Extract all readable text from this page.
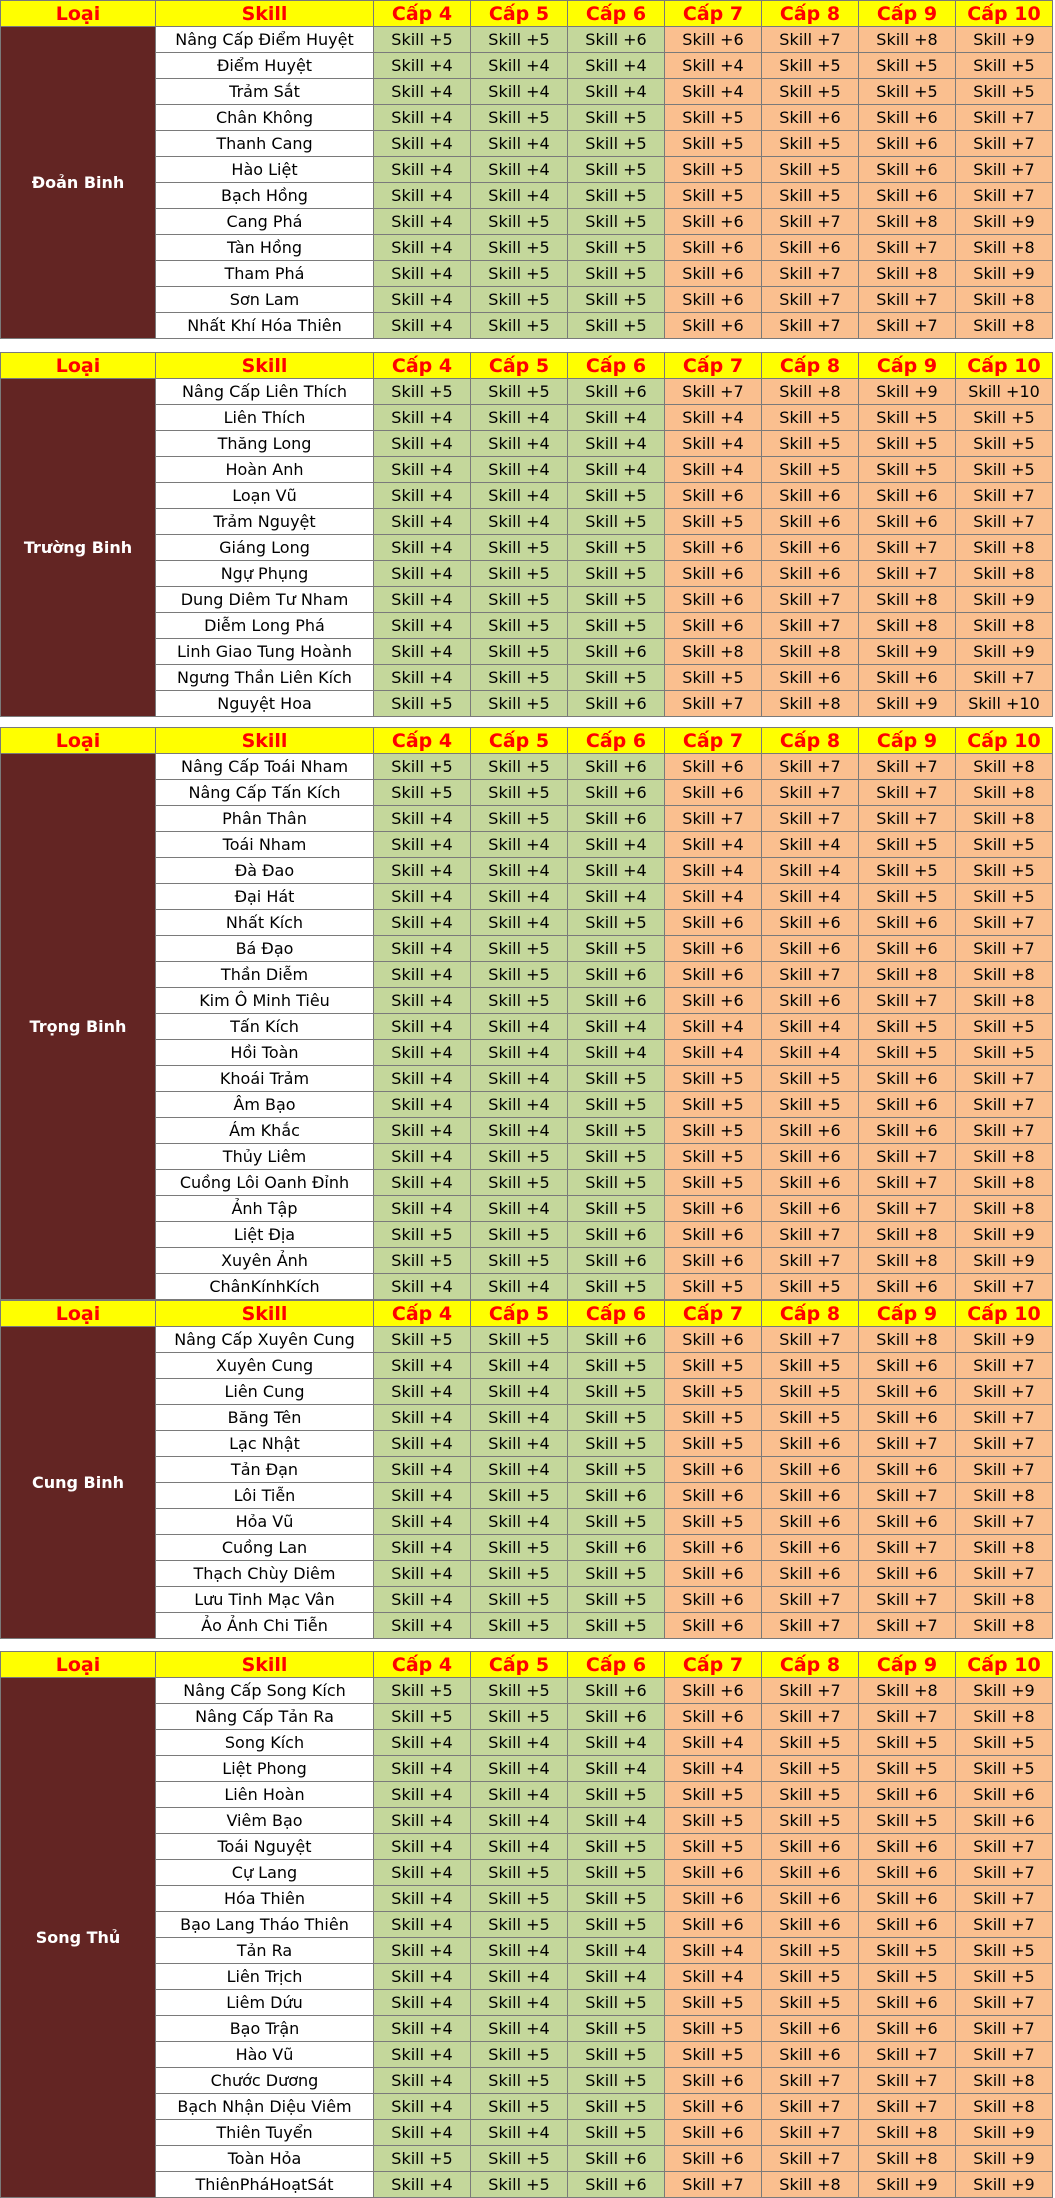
Loại	Skill	Cấp 4	Cấp 5	Cấp 6	Cấp 7	Cấp 8	Cấp 9	Cấp 10
Đoản Binh	Nâng Cấp Điểm Huyệt	Skill +5	Skill +5	Skill +6	Skill +6	Skill +7	Skill +8	Skill +9
	Điểm Huyệt	Skill +4	Skill +4	Skill +4	Skill +4	Skill +5	Skill +5	Skill +5
	Trảm Sắt	Skill +4	Skill +4	Skill +4	Skill +4	Skill +5	Skill +5	Skill +5
	Chân Không	Skill +4	Skill +5	Skill +5	Skill +5	Skill +6	Skill +6	Skill +7
	Thanh Cang	Skill +4	Skill +4	Skill +5	Skill +5	Skill +5	Skill +6	Skill +7
	Hào Liệt	Skill +4	Skill +4	Skill +5	Skill +5	Skill +5	Skill +6	Skill +7
	Bạch Hồng	Skill +4	Skill +4	Skill +5	Skill +5	Skill +5	Skill +6	Skill +7
	Cang Phá	Skill +4	Skill +5	Skill +5	Skill +6	Skill +7	Skill +8	Skill +9
	Tàn Hồng	Skill +4	Skill +5	Skill +5	Skill +6	Skill +6	Skill +7	Skill +8
	Tham Phá	Skill +4	Skill +5	Skill +5	Skill +6	Skill +7	Skill +8	Skill +9
	Sơn Lam	Skill +4	Skill +5	Skill +5	Skill +6	Skill +7	Skill +7	Skill +8
	Nhất Khí Hóa Thiên	Skill +4	Skill +5	Skill +5	Skill +6	Skill +7	Skill +7	Skill +8
Loại	Skill	Cấp 4	Cấp 5	Cấp 6	Cấp 7	Cấp 8	Cấp 9	Cấp 10
Trường Binh	Nâng Cấp Liên Thích	Skill +5	Skill +5	Skill +6	Skill +7	Skill +8	Skill +9	Skill +10
	Liên Thích	Skill +4	Skill +4	Skill +4	Skill +4	Skill +5	Skill +5	Skill +5
	Thăng Long	Skill +4	Skill +4	Skill +4	Skill +4	Skill +5	Skill +5	Skill +5
	Hoàn Anh	Skill +4	Skill +4	Skill +4	Skill +4	Skill +5	Skill +5	Skill +5
	Loạn Vũ	Skill +4	Skill +4	Skill +5	Skill +6	Skill +6	Skill +6	Skill +7
	Trảm Nguyệt	Skill +4	Skill +4	Skill +5	Skill +5	Skill +6	Skill +6	Skill +7
	Giáng Long	Skill +4	Skill +5	Skill +5	Skill +6	Skill +6	Skill +7	Skill +8
	Ngự Phụng	Skill +4	Skill +5	Skill +5	Skill +6	Skill +6	Skill +7	Skill +8
	Dung Diêm Tư Nham	Skill +4	Skill +5	Skill +5	Skill +6	Skill +7	Skill +8	Skill +9
	Diễm Long Phá	Skill +4	Skill +5	Skill +5	Skill +6	Skill +7	Skill +8	Skill +8
	Linh Giao Tung Hoành	Skill +4	Skill +5	Skill +6	Skill +8	Skill +8	Skill +9	Skill +9
	Ngưng Thần Liên Kích	Skill +4	Skill +5	Skill +5	Skill +5	Skill +6	Skill +6	Skill +7
	Nguyệt Hoa	Skill +5	Skill +5	Skill +6	Skill +7	Skill +8	Skill +9	Skill +10
Loại	Skill	Cấp 4	Cấp 5	Cấp 6	Cấp 7	Cấp 8	Cấp 9	Cấp 10
Trọng Binh	Nâng Cấp Toái Nham	Skill +5	Skill +5	Skill +6	Skill +6	Skill +7	Skill +7	Skill +8
	Nâng Cấp Tấn Kích	Skill +5	Skill +5	Skill +6	Skill +6	Skill +7	Skill +7	Skill +8
	Phân Thân	Skill +4	Skill +5	Skill +6	Skill +7	Skill +7	Skill +7	Skill +8
	Toái Nham	Skill +4	Skill +4	Skill +4	Skill +4	Skill +4	Skill +5	Skill +5
	Đà Đao	Skill +4	Skill +4	Skill +4	Skill +4	Skill +4	Skill +5	Skill +5
	Đại Hát	Skill +4	Skill +4	Skill +4	Skill +4	Skill +4	Skill +5	Skill +5
	Nhất Kích	Skill +4	Skill +4	Skill +5	Skill +6	Skill +6	Skill +6	Skill +7
	Bá Đạo	Skill +4	Skill +5	Skill +5	Skill +6	Skill +6	Skill +6	Skill +7
	Thần Diễm	Skill +4	Skill +5	Skill +6	Skill +6	Skill +7	Skill +8	Skill +8
	Kim Ô Minh Tiêu	Skill +4	Skill +5	Skill +6	Skill +6	Skill +6	Skill +7	Skill +8
	Tấn Kích	Skill +4	Skill +4	Skill +4	Skill +4	Skill +4	Skill +5	Skill +5
	Hồi Toàn	Skill +4	Skill +4	Skill +4	Skill +4	Skill +4	Skill +5	Skill +5
	Khoái Trảm	Skill +4	Skill +4	Skill +5	Skill +5	Skill +5	Skill +6	Skill +7
	Âm Bạo	Skill +4	Skill +4	Skill +5	Skill +5	Skill +5	Skill +6	Skill +7
	Ám Khắc	Skill +4	Skill +4	Skill +5	Skill +5	Skill +6	Skill +6	Skill +7
	Thủy Liêm	Skill +4	Skill +5	Skill +5	Skill +5	Skill +6	Skill +7	Skill +8
	Cuồng Lôi Oanh Đỉnh	Skill +4	Skill +5	Skill +5	Skill +5	Skill +6	Skill +7	Skill +8
	Ảnh Tập	Skill +4	Skill +4	Skill +5	Skill +6	Skill +6	Skill +7	Skill +8
	Liệt Địa	Skill +5	Skill +5	Skill +6	Skill +6	Skill +7	Skill +8	Skill +9
	Xuyên Ảnh	Skill +5	Skill +5	Skill +6	Skill +6	Skill +7	Skill +8	Skill +9
	ChânKínhKích	Skill +4	Skill +4	Skill +5	Skill +5	Skill +5	Skill +6	Skill +7
Loại	Skill	Cấp 4	Cấp 5	Cấp 6	Cấp 7	Cấp 8	Cấp 9	Cấp 10
Cung Binh	Nâng Cấp Xuyên Cung	Skill +5	Skill +5	Skill +6	Skill +6	Skill +7	Skill +8	Skill +9
	Xuyên Cung	Skill +4	Skill +4	Skill +5	Skill +5	Skill +5	Skill +6	Skill +7
	Liên Cung	Skill +4	Skill +4	Skill +5	Skill +5	Skill +5	Skill +6	Skill +7
	Băng Tên	Skill +4	Skill +4	Skill +5	Skill +5	Skill +5	Skill +6	Skill +7
	Lạc Nhật	Skill +4	Skill +4	Skill +5	Skill +5	Skill +6	Skill +7	Skill +7
	Tản Đạn	Skill +4	Skill +4	Skill +5	Skill +6	Skill +6	Skill +6	Skill +7
	Lôi Tiễn	Skill +4	Skill +5	Skill +6	Skill +6	Skill +6	Skill +7	Skill +8
	Hỏa Vũ	Skill +4	Skill +4	Skill +5	Skill +5	Skill +6	Skill +6	Skill +7
	Cuồng Lan	Skill +4	Skill +5	Skill +6	Skill +6	Skill +6	Skill +7	Skill +8
	Thạch Chùy Diêm	Skill +4	Skill +5	Skill +5	Skill +6	Skill +6	Skill +6	Skill +7
	Lưu Tinh Mạc Vân	Skill +4	Skill +5	Skill +5	Skill +6	Skill +7	Skill +7	Skill +8
	Ảo Ảnh Chi Tiễn	Skill +4	Skill +5	Skill +5	Skill +6	Skill +7	Skill +7	Skill +8
Loại	Skill	Cấp 4	Cấp 5	Cấp 6	Cấp 7	Cấp 8	Cấp 9	Cấp 10
Song Thủ	Nâng Cấp Song Kích	Skill +5	Skill +5	Skill +6	Skill +6	Skill +7	Skill +8	Skill +9
	Nâng Cấp Tản Ra	Skill +5	Skill +5	Skill +6	Skill +6	Skill +7	Skill +7	Skill +8
	Song Kích	Skill +4	Skill +4	Skill +4	Skill +4	Skill +5	Skill +5	Skill +5
	Liệt Phong	Skill +4	Skill +4	Skill +4	Skill +4	Skill +5	Skill +5	Skill +5
	Liên Hoàn	Skill +4	Skill +4	Skill +5	Skill +5	Skill +5	Skill +6	Skill +6
	Viêm Bạo	Skill +4	Skill +4	Skill +4	Skill +5	Skill +5	Skill +5	Skill +6
	Toái Nguyệt	Skill +4	Skill +4	Skill +5	Skill +5	Skill +6	Skill +6	Skill +7
	Cự Lang	Skill +4	Skill +5	Skill +5	Skill +6	Skill +6	Skill +6	Skill +7
	Hóa Thiên	Skill +4	Skill +5	Skill +5	Skill +6	Skill +6	Skill +6	Skill +7
	Bạo Lang Tháo Thiên	Skill +4	Skill +5	Skill +5	Skill +6	Skill +6	Skill +6	Skill +7
	Tản Ra	Skill +4	Skill +4	Skill +4	Skill +4	Skill +5	Skill +5	Skill +5
	Liên Trịch	Skill +4	Skill +4	Skill +4	Skill +4	Skill +5	Skill +5	Skill +5
	Liêm Dứu	Skill +4	Skill +4	Skill +5	Skill +5	Skill +5	Skill +6	Skill +7
	Bạo Trận	Skill +4	Skill +4	Skill +5	Skill +5	Skill +6	Skill +6	Skill +7
	Hào Vũ	Skill +4	Skill +5	Skill +5	Skill +5	Skill +6	Skill +7	Skill +7
	Chước Dương	Skill +4	Skill +5	Skill +5	Skill +6	Skill +7	Skill +7	Skill +8
	Bạch Nhận Diệu Viêm	Skill +4	Skill +5	Skill +5	Skill +6	Skill +7	Skill +7	Skill +8
	Thiên Tuyển	Skill +4	Skill +4	Skill +5	Skill +6	Skill +7	Skill +8	Skill +9
	Toàn Hỏa	Skill +5	Skill +5	Skill +6	Skill +6	Skill +7	Skill +8	Skill +9
	ThiênPháHoạtSát	Skill +4	Skill +5	Skill +6	Skill +7	Skill +8	Skill +9	Skill +9
